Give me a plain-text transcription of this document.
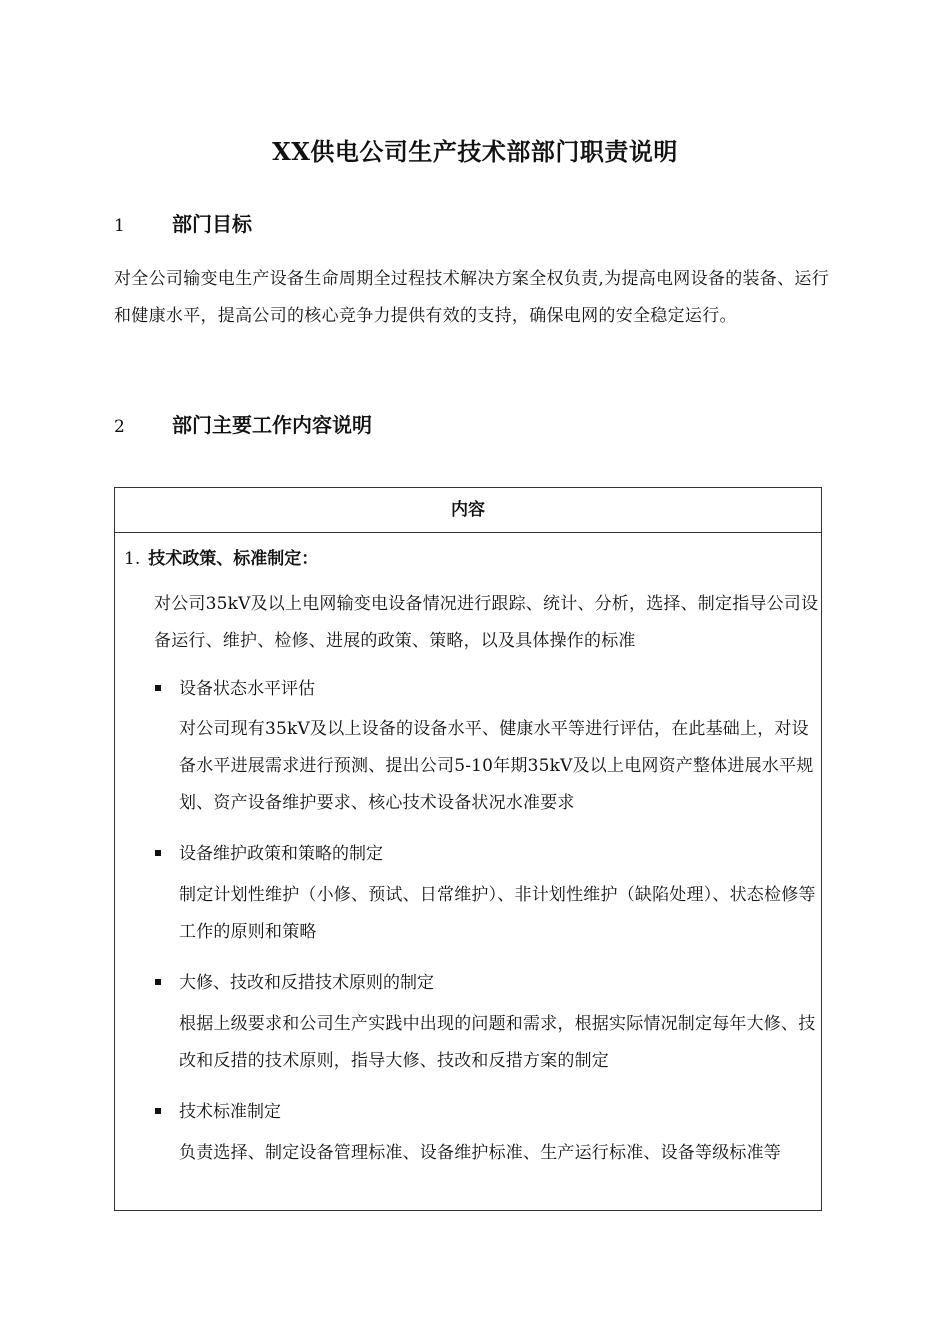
XX供电公司生产技术部部门职责说明
1 部门目标
对全公司输变电生产设备生命周期全过程技术解决方案全权负责,为提高电网设备的装备、运行和健康水平，提高公司的核心竞争力提供有效的支持，确保电网的安全稳定运行。
2 部门主要工作内容说明
内容
1. 技术政策、标准制定：
对公司35kV及以上电网输变电设备情况进行跟踪、统计、分析，选择、制定指导公司设备运行、维护、检修、进展的政策、策略，以及具体操作的标准
设备状态水平评估
对公司现有35kV及以上设备的设备水平、健康水平等进行评估，在此基础上，对设备水平进展需求进行预测、提出公司5-10年期35kV及以上电网资产整体进展水平规划、资产设备维护要求、核心技术设备状况水准要求
设备维护政策和策略的制定
制定计划性维护（小修、预试、日常维护）、非计划性维护（缺陷处理）、状态检修等工作的原则和策略
大修、技改和反措技术原则的制定
根据上级要求和公司生产实践中出现的问题和需求，根据实际情况制定每年大修、技改和反措的技术原则，指导大修、技改和反措方案的制定
技术标准制定
负责选择、制定设备管理标准、设备维护标准、生产运行标准、设备等级标准等
